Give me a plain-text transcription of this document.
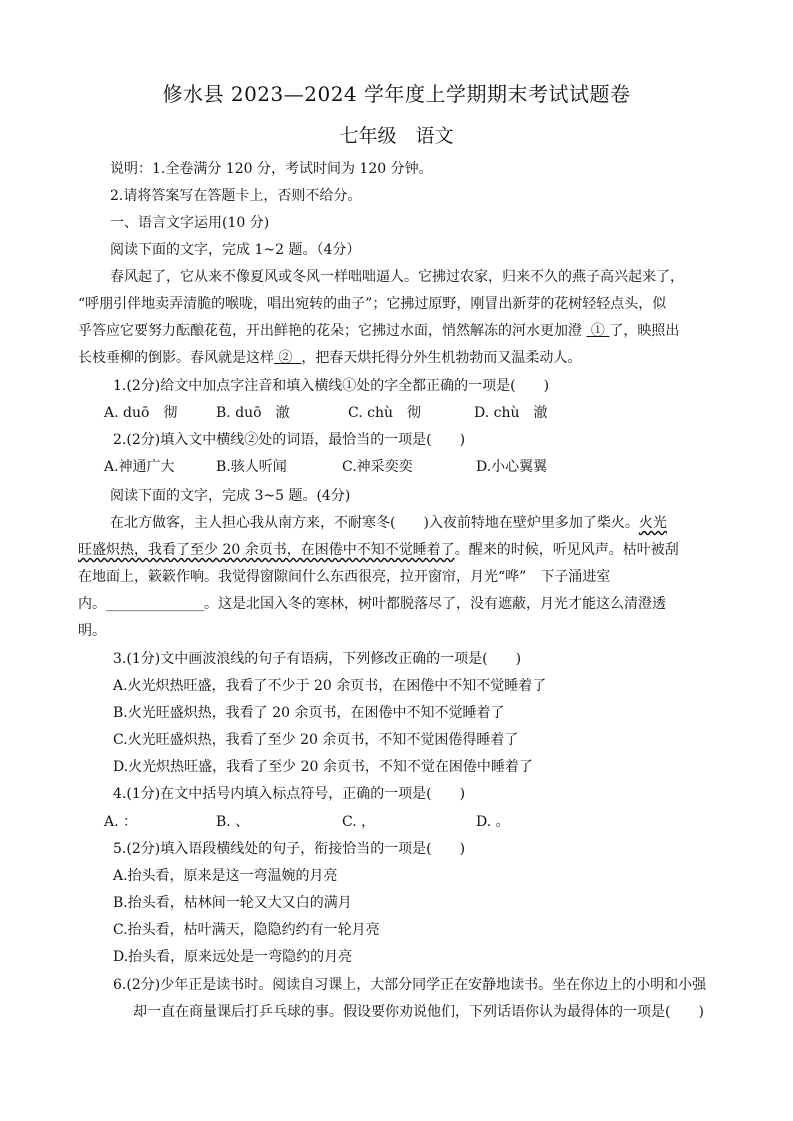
修水县 2023—2024 学年度上学期期末考试试题卷
七年级　语文
说明：1.全卷满分 120 分，考试时间为 120 分钟。
2.请将答案写在答题卡上，否则不给分。
一、语言文字运用(10 分)
阅读下面的文字，完成 1~2 题。（4分）
春风起了，它从来不像夏风或冬风一样咄咄逼人。它拂过农家，归来不久的燕子高兴起来了，
“呼朋引伴地卖弄清脆的喉咙，唱出宛转的曲子”；它拂过原野，刚冒出新芽的花树轻轻点头，似
乎答应它要努力酝酿花苞，开出鲜艳的花朵；它拂过水面，悄然解冻的河水更加澄 ① 了，映照出
长枝垂柳的倒影。春风就是这样 ② ，把春天烘托得分外生机勃勃而又温柔动人。
1.(2分)给文中加点字注音和填入横线①处的字全都正确的一项是(　　)
A. duō　彻	B. duō　澈	C. chù　彻	D. chù　澈
2.(2分)填入文中横线②处的词语，最恰当的一项是(　　)
A.神通广大	B.骇人听闻	C.神采奕奕	D.小心翼翼
阅读下面的文字，完成 3~5 题。(4分)
在北方做客，主人担心我从南方来，不耐寒冬(　　)入夜前特地在壁炉里多加了柴火。火光
旺盛炽热，我看了至少 20 余页书，在困倦中不知不觉睡着了。醒来的时候，听见风声。枯叶被刮
在地面上，簌簌作响。我觉得窗隙间什么东西很亮，拉开窗帘，月光“哗”　下子涌进室
内。______________。这是北国入冬的寒林，树叶都脱落尽了，没有遮蔽，月光才能这么清澄透
明。
3.(1分)文中画波浪线的句子有语病，下列修改正确的一项是(　　)
A.火光炽热旺盛，我看了不少于 20 余页书，在困倦中不知不觉睡着了
B.火光旺盛炽热，我看了 20 余页书，在困倦中不知不觉睡着了
C.火光旺盛炽热，我看了至少 20 余页书，不知不觉困倦得睡着了
D.火光炽热旺盛，我看了至少 20 余页书，不知不觉在困倦中睡着了
4.(1分)在文中括号内填入标点符号，正确的一项是(　　)
A. ：	B. 、	C. ，	D. 。
5.(2分)填入语段横线处的句子，衔接恰当的一项是(　　)
A.抬头看，原来是这一弯温婉的月亮
B.抬头看，枯林间一轮又大又白的满月
C.抬头看，枯叶满天，隐隐约约有一轮月亮
D.抬头看，原来远处是一弯隐约的月亮
6.(2分)少年正是读书时。阅读自习课上，大部分同学正在安静地读书。坐在你边上的小明和小强
却一直在商量课后打乒乓球的事。假设要你劝说他们，下列话语你认为最得体的一项是(　　)
